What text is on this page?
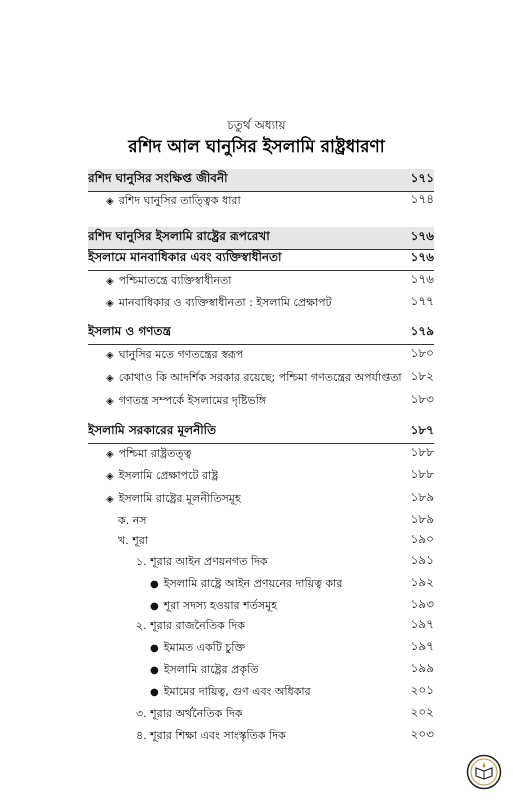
চতুর্থ অধ্যায়
রশিদ আল ঘানুসির ইসলামি রাষ্ট্রধারণা
রশিদ ঘানুসির সংক্ষিপ্ত জীবনী	১৭১
◈ রশিদ ঘানুসির তাত্ত্বিক ধারা	১৭৪
রশিদ ঘানুসির ইসলামি রাষ্ট্রের রূপরেখা	১৭৬
ইসলামে মানবাধিকার এবং ব্যক্তিস্বাধীনতা	১৭৬
◈ পশ্চিমাতন্ত্রে ব্যক্তিস্বাধীনতা	১৭৬
◈ মানবাধিকার ও ব্যক্তিস্বাধীনতা : ইসলামি প্রেক্ষাপট	১৭৭
ইসলাম ও গণতন্ত্র	১৭৯
◈ ঘানুসির মতে গণতন্ত্রের স্বরূপ	১৮০
◈ কোথাও কি আদর্শিক সরকার রয়েছে; পশ্চিমা গণতন্ত্রের অপর্যাপ্ততা ১৮২
◈ গণতন্ত্র সম্পর্কে ইসলামের দৃষ্টিভঙ্গি	১৮৩
ইসলামি সরকারের মূলনীতি	১৮৭
◈ পশ্চিমা রাষ্ট্রতত্ত্ব	১৮৮
◈ ইসলামি প্রেক্ষাপটে রাষ্ট্র	১৮৮
◈ ইসলামি রাষ্ট্রের মূলনীতিসমূহ	১৮৯
ক. নস	১৮৯
খ. শূরা	১৯০
১. শূরার আইন প্রণয়নগত দিক	১৯১
● ইসলামি রাষ্ট্রে আইন প্রণয়নের দায়িত্ব কার	১৯২
● শূরা সদস্য হওয়ার শর্তসমূহ	১৯৩
২. শূরার রাজনৈতিক দিক	১৯৭
● ইমামত একটি চুক্তি	১৯৭
● ইসলামি রাষ্ট্রের প্রকৃতি	১৯৯
● ইমামের দায়িত্ব, গুণ এবং অধিকার	২০১
৩. শূরার অর্থনৈতিক দিক	২০২
৪. শূরার শিক্ষা এবং সাংস্কৃতিক দিক	২০৩
